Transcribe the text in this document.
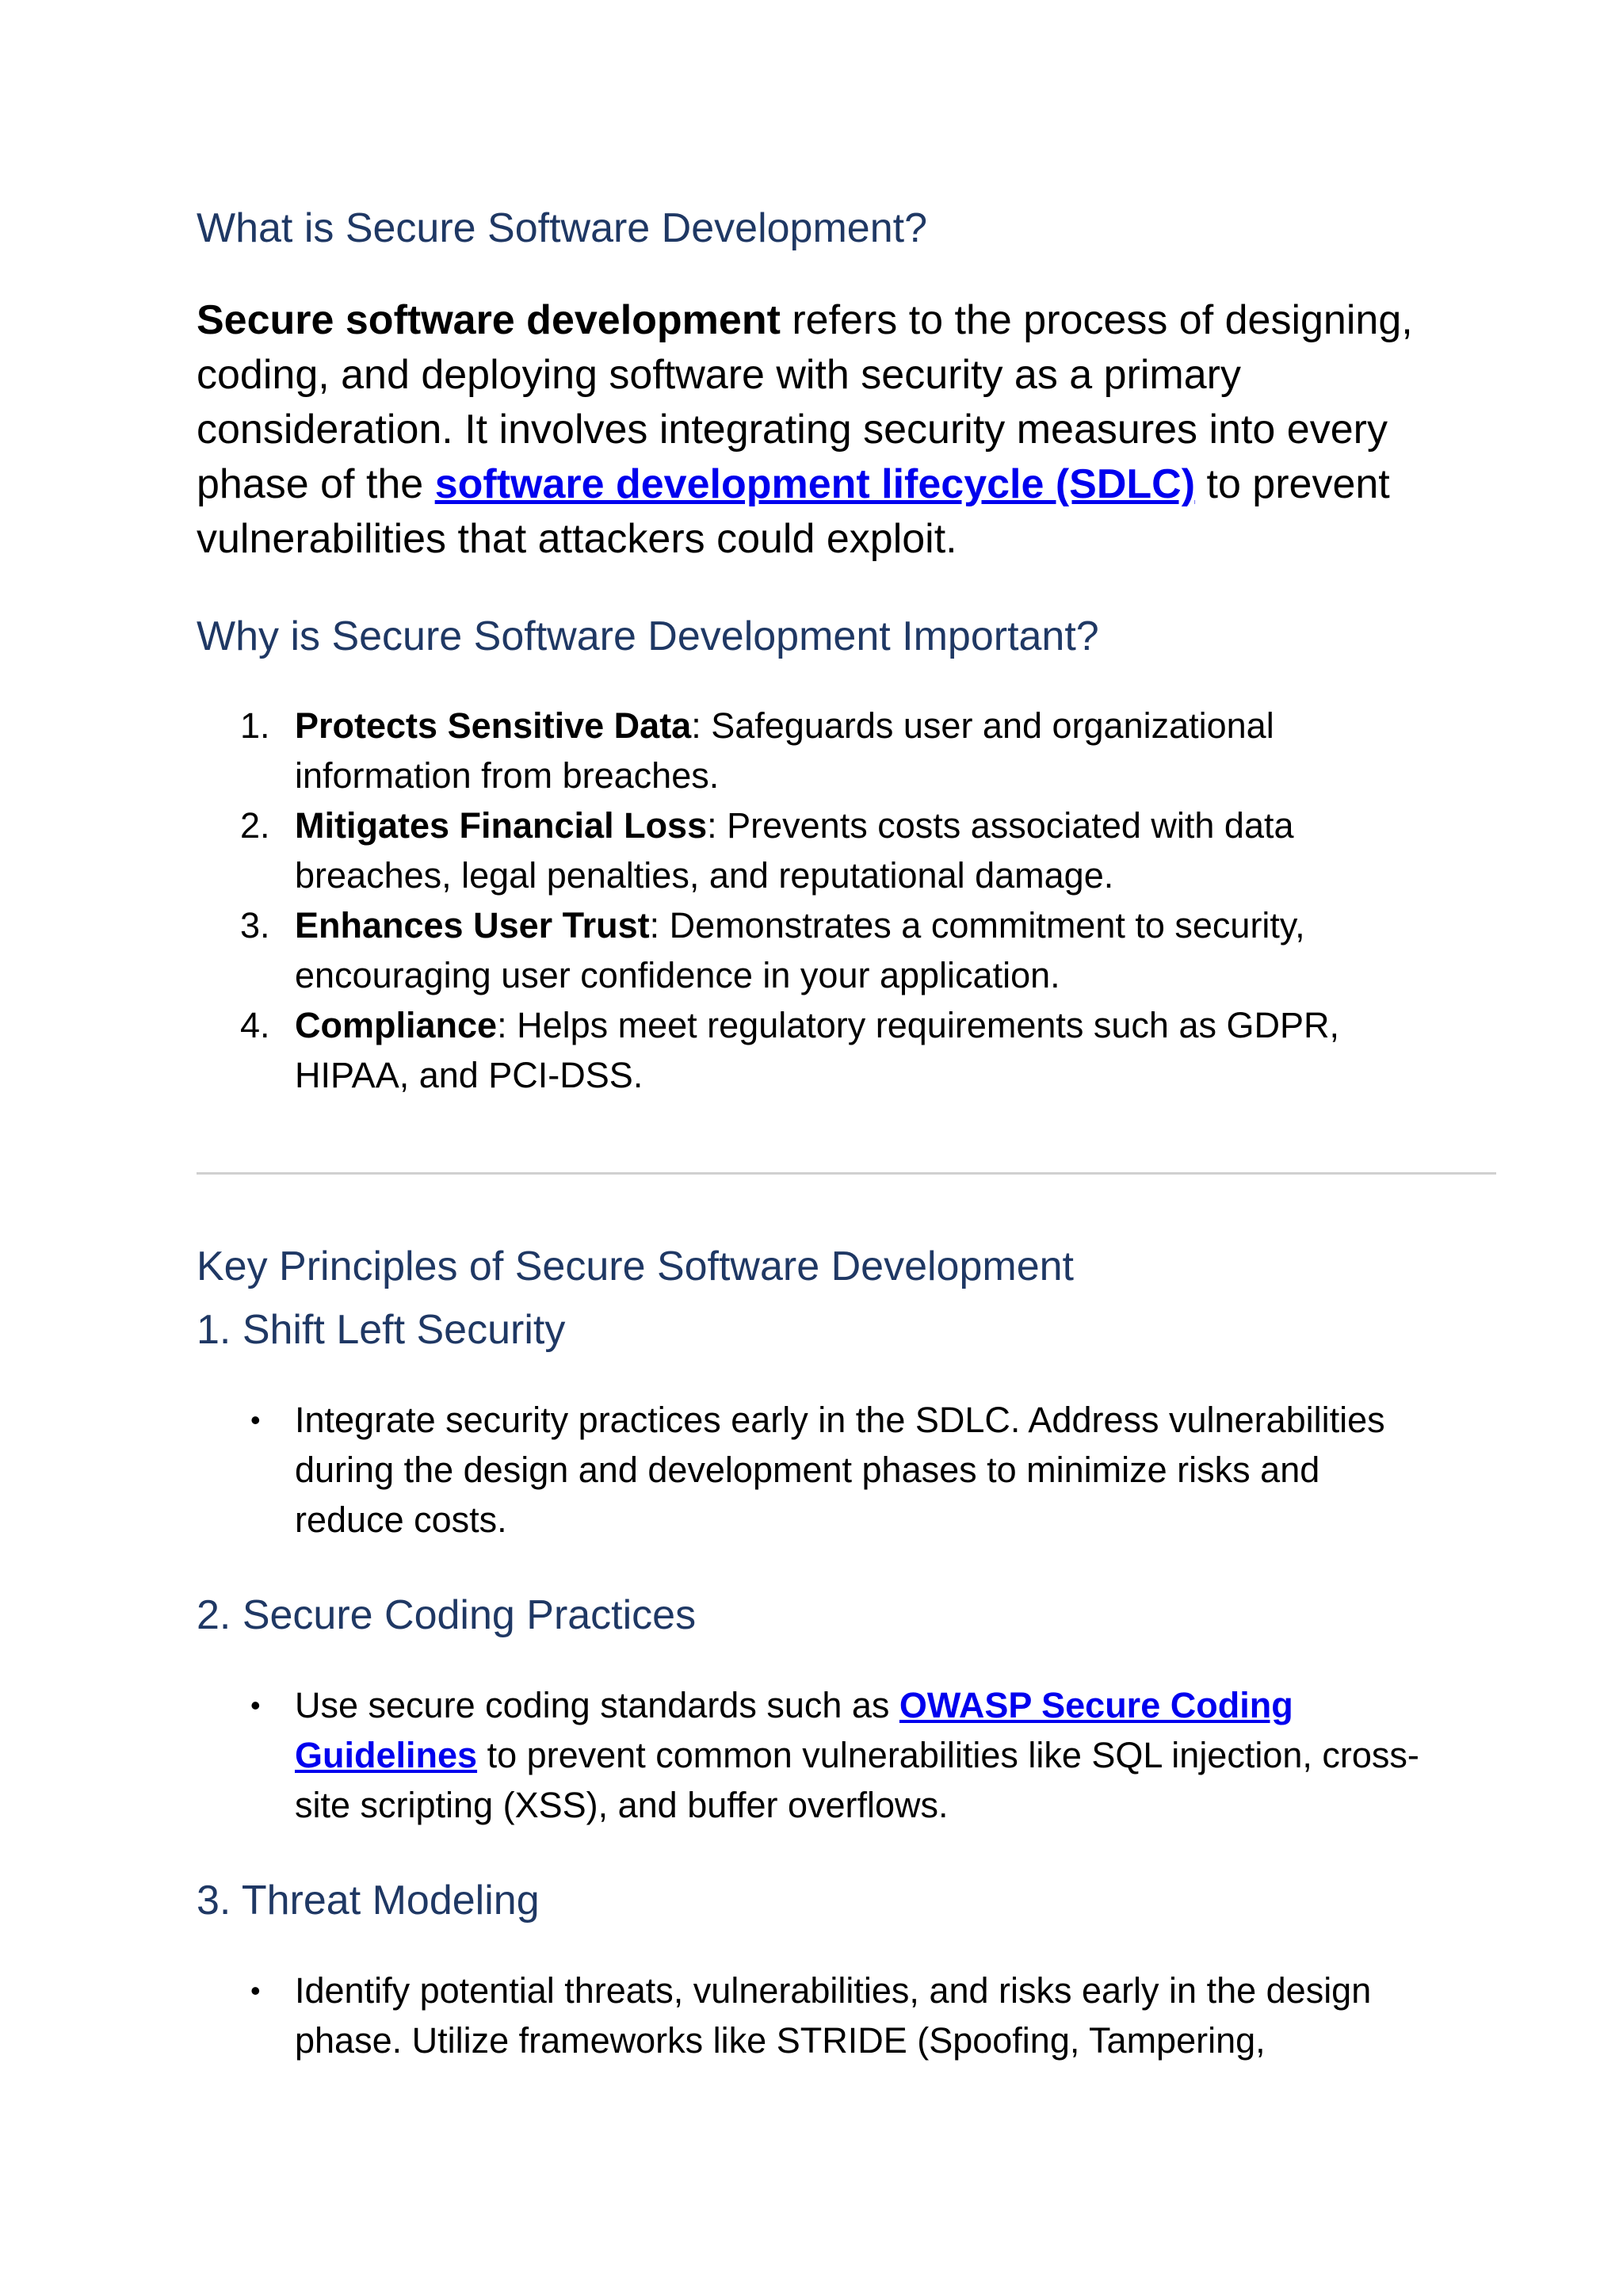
What is Secure Software Development?

Secure software development refers to the process of designing, coding, and deploying software with security as a primary consideration. It involves integrating security measures into every phase of the software development lifecycle (SDLC) to prevent vulnerabilities that attackers could exploit.

Why is Secure Software Development Important?
1. Protects Sensitive Data: Safeguards user and organizational information from breaches.
2. Mitigates Financial Loss: Prevents costs associated with data breaches, legal penalties, and reputational damage.
3. Enhances User Trust: Demonstrates a commitment to security, encouraging user confidence in your application.
4. Compliance: Helps meet regulatory requirements such as GDPR, HIPAA, and PCI-DSS.
Key Principles of Secure Software Development
1. Shift Left Security
• Integrate security practices early in the SDLC. Address vulnerabilities during the design and development phases to minimize risks and reduce costs.
2. Secure Coding Practices
• Use secure coding standards such as OWASP Secure Coding Guidelines to prevent common vulnerabilities like SQL injection, cross-site scripting (XSS), and buffer overflows.
3. Threat Modeling
• Identify potential threats, vulnerabilities, and risks early in the design phase. Utilize frameworks like STRIDE (Spoofing, Tampering,
